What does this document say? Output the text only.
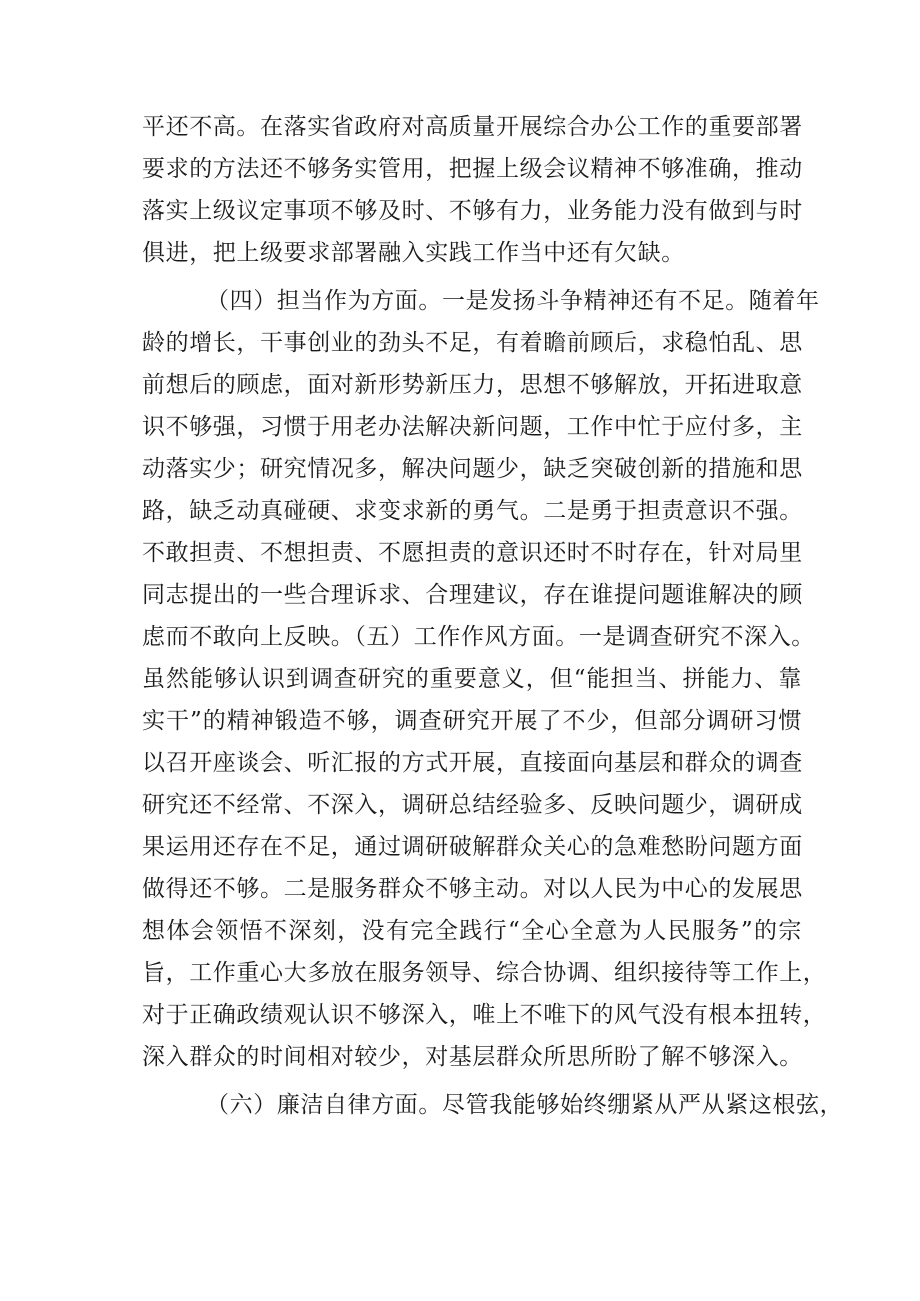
平还不高。在落实省政府对高质量开展综合办公工作的重要部署
要求的方法还不够务实管用，把握上级会议精神不够准确，推动
落实上级议定事项不够及时、不够有力，业务能力没有做到与时
俱进，把上级要求部署融入实践工作当中还有欠缺。
（四）担当作为方面。一是发扬斗争精神还有不足。随着年
龄的增长，干事创业的劲头不足，有着瞻前顾后，求稳怕乱、思
前想后的顾虑，面对新形势新压力，思想不够解放，开拓进取意
识不够强，习惯于用老办法解决新问题，工作中忙于应付多，主
动落实少；研究情况多，解决问题少，缺乏突破创新的措施和思
路，缺乏动真碰硬、求变求新的勇气。二是勇于担责意识不强。
不敢担责、不想担责、不愿担责的意识还时不时存在，针对局里
同志提出的一些合理诉求、合理建议，存在谁提问题谁解决的顾
虑而不敢向上反映。（五）工作作风方面。一是调查研究不深入。
虽然能够认识到调查研究的重要意义，但“能担当、拼能力、靠
实干”的精神锻造不够，调查研究开展了不少，但部分调研习惯
以召开座谈会、听汇报的方式开展，直接面向基层和群众的调查
研究还不经常、不深入，调研总结经验多、反映问题少，调研成
果运用还存在不足，通过调研破解群众关心的急难愁盼问题方面
做得还不够。二是服务群众不够主动。对以人民为中心的发展思
想体会领悟不深刻，没有完全践行“全心全意为人民服务”的宗
旨，工作重心大多放在服务领导、综合协调、组织接待等工作上，
对于正确政绩观认识不够深入，唯上不唯下的风气没有根本扭转，
深入群众的时间相对较少，对基层群众所思所盼了解不够深入。
（六）廉洁自律方面。尽管我能够始终绷紧从严从紧这根弦，
